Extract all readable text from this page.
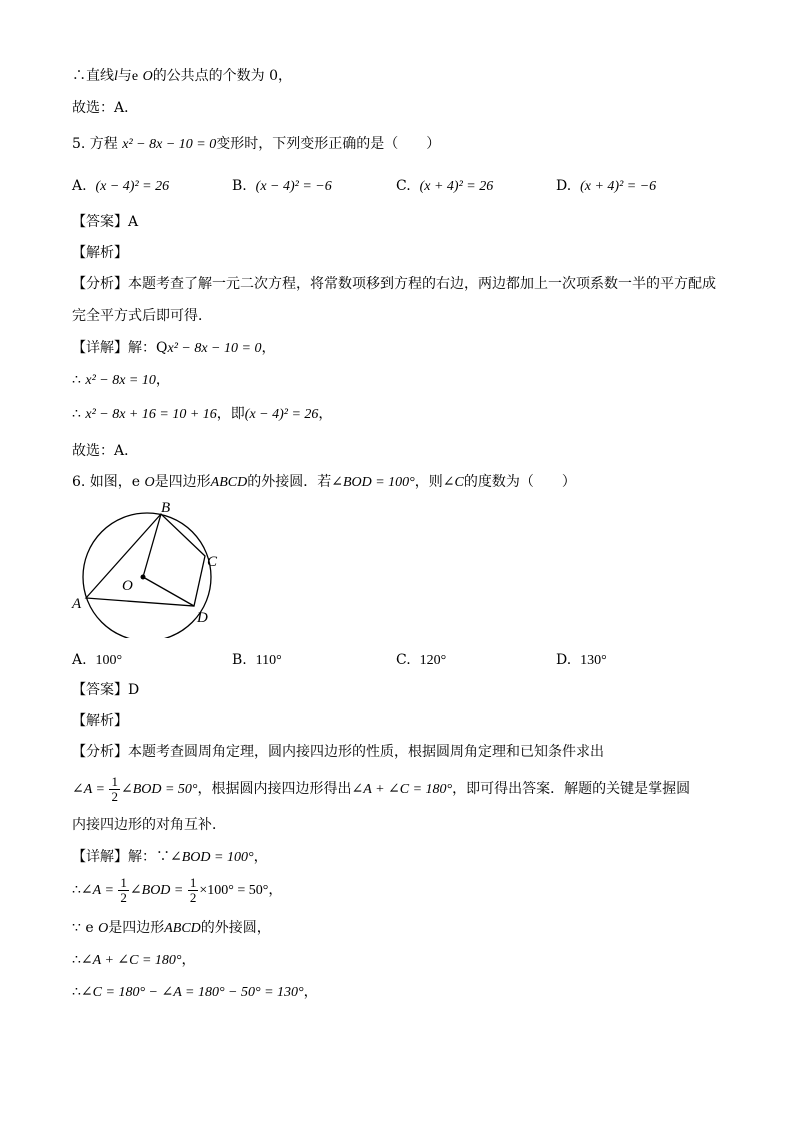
∴直线l与e O的公共点的个数为 0，
故选：A．
5. 方程 x² − 8x − 10 = 0变形时，下列变形正确的是（　　）
A. (x − 4)² = 26	B. (x − 4)² = −6	C. (x + 4)² = 26	D. (x + 4)² = −6
【答案】A
【解析】
【分析】本题考查了解一元二次方程，将常数项移到方程的右边，两边都加上一次项系数一半的平方配成
完全平方式后即可得．
【详解】解：Qx² − 8x − 10 = 0，
∴ x² − 8x = 10，
∴ x² − 8x + 16 = 10 + 16，即(x − 4)² = 26，
故选：A．
6. 如图，e O是四边形ABCD的外接圆．若∠BOD = 100°，则∠C的度数为（　　）
B
C
O
A
D
A. 100°	B. 110°	C. 120°	D. 130°
【答案】D
【解析】
【分析】本题考查圆周角定理，圆内接四边形的性质，根据圆周角定理和已知条件求出
∠A = $\frac{1}{2}$ ∠BOD = 50°，根据圆内接四边形得出∠A + ∠C = 180°，即可得出答案．解题的关键是掌握圆
内接四边形的对角互补．
【详解】解：∵∠BOD = 100°，
∴∠A = $\frac{1}{2}$ ∠BOD = $\frac{1}{2} \times 100^\circ = 50^\circ$，
∵ e O是四边形ABCD的外接圆，
∴∠A + ∠C = 180°，
∴∠C = 180° − ∠A = 180° − 50° = 130°，
